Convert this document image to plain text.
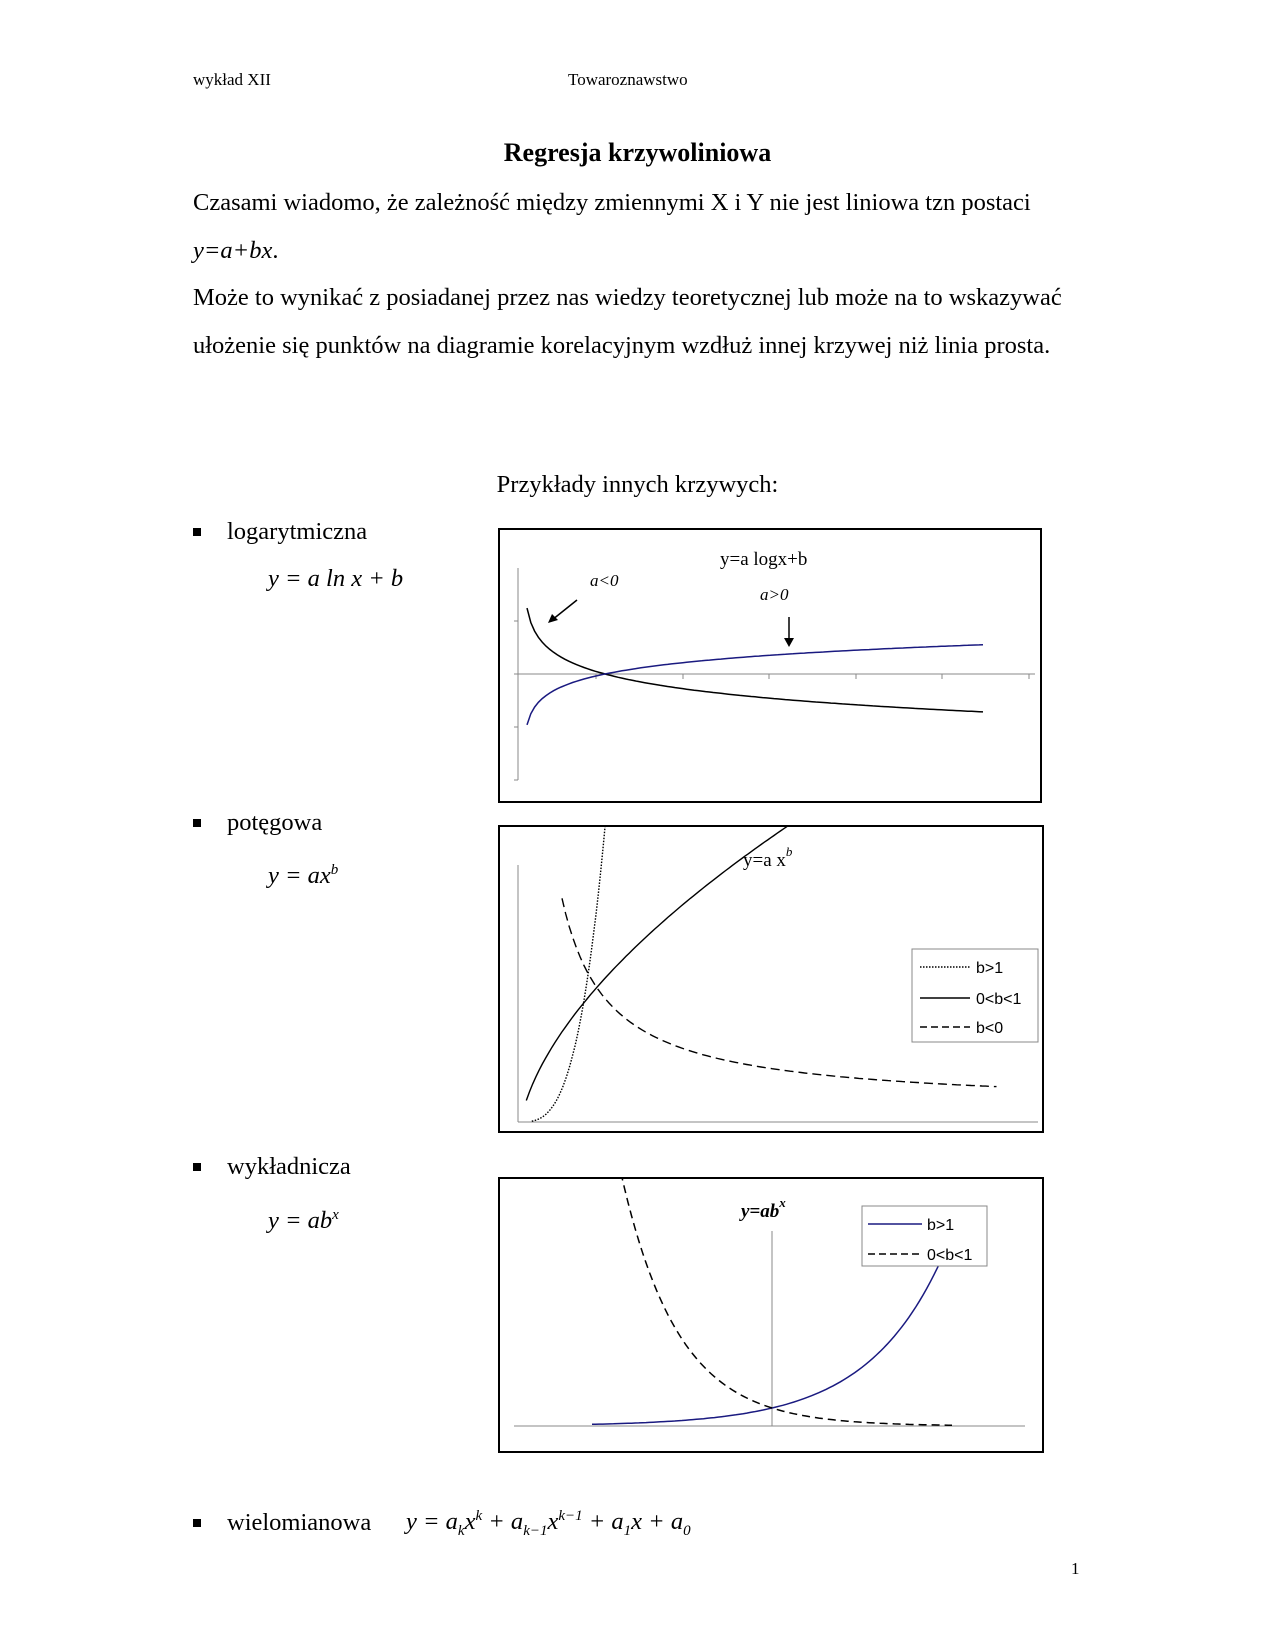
wykład XII	Towaroznawstwo
Regresja krzywoliniowa
Czasami wiadomo, że zależność między zmiennymi X i Y nie jest liniowa tzn postaci y=a+bx.
Może to wynikać z posiadanej przez nas wiedzy teoretycznej lub może na to wskazywać ułożenie się punktów na diagramie korelacyjnym wzdłuż innej krzywej niż linia prosta.
Przykłady innych krzywych:
logarytmiczna
y = a ln x + b
y=a logx+b
a<0
a>0
potęgowa
$y = ax^b$	y=a $x^b$
b>1
0<b<1
b<0
wykładnicza
$y = ab^x$	$y=ab^x$
b>1
0<b<1
wielomianowa $y = a_kx^k + a_{k-1}x^{k-1} + a_1x + a_0$
1
